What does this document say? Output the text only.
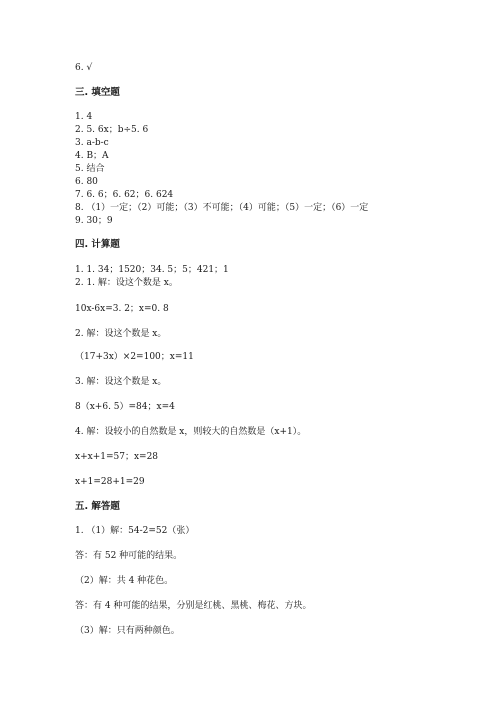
6. √
三. 填空题
1. 4
2. 5. 6x；b÷5. 6
3. a-b-c
4. B；A
5. 结合
6. 80
7. 6. 6；6. 62；6. 624
8. （1）一定；（2）可能；（3）不可能；（4）可能；（5）一定；（6）一定
9. 30；9
四. 计算题
1. 1. 34；1520；34. 5；5；421；1
2. 1. 解：设这个数是 x。
10x-6x=3. 2；x=0. 8
2. 解：设这个数是 x。
（17+3x）×2=100；x=11
3. 解：设这个数是 x。
8（x+6. 5）=84；x=4
4. 解：设较小的自然数是 x，则较大的自然数是（x+1）。
x+x+1=57；x=28
x+1=28+1=29
五. 解答题
1. （1）解：54-2=52（张）
答：有 52 种可能的结果。
（2）解：共 4 种花色。
答：有 4 种可能的结果，分别是红桃、黑桃、梅花、方块。
（3）解：只有两种颜色。
